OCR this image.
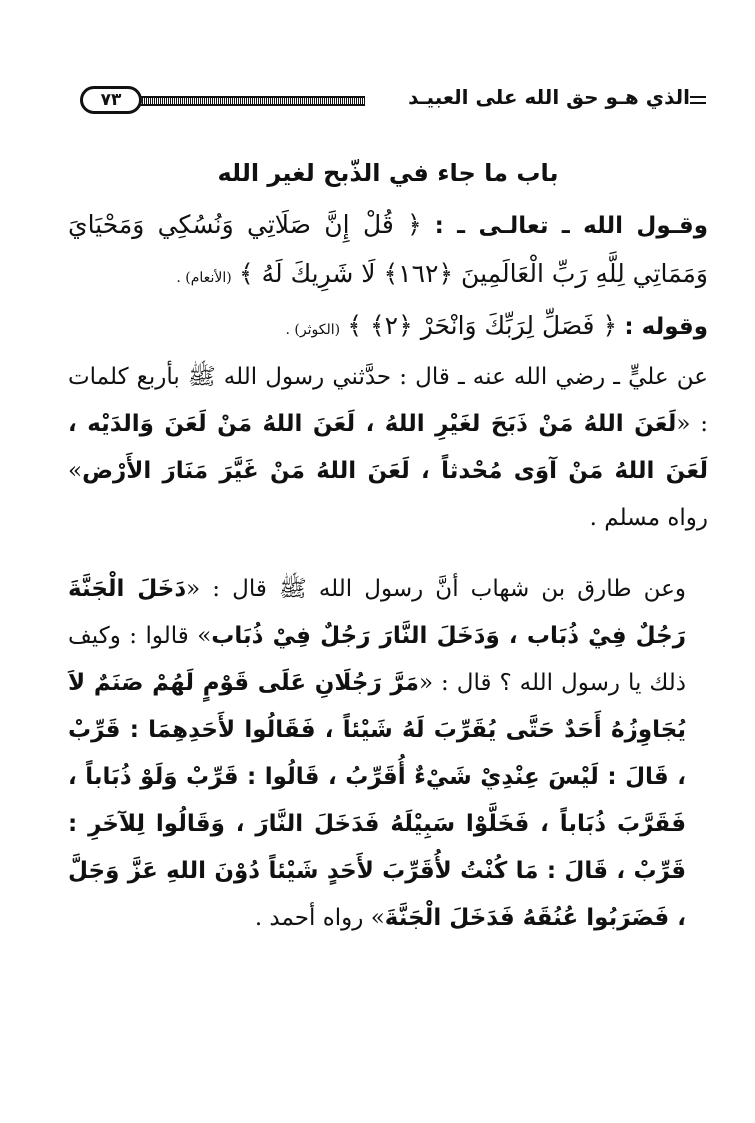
الذي هـو حق الله على العبيـد
٧٣
باب ما جاء في الذّبح لغير الله

وقـول الله ـ تعالـى ـ : ﴿ قُلْ إِنَّ صَلَاتِي وَنُسُكِي وَمَحْيَايَ وَمَمَاتِي لِلَّهِ رَبِّ الْعَالَمِينَ ﴿١٦٢﴾ لَا شَرِيكَ لَهُ ﴾ (الأنعام) .

وقوله : ﴿ فَصَلِّ لِرَبِّكَ وَانْحَرْ ﴿٢﴾ ﴾ (الكوثر) .

عن عليٍّ ـ رضي الله عنه ـ قال : حدَّثني رسول الله ﷺ بأربع كلمات : «لَعَنَ اللهُ مَنْ ذَبَحَ لغَيْرِ اللهُ ، لَعَنَ اللهُ مَنْ لَعَنَ وَالدَيْه ، لَعَنَ اللهُ مَنْ آوَى مُحْدثاً ، لَعَنَ اللهُ مَنْ غَيَّرَ مَنَارَ الأَرْض» رواه مسلم .

وعن طارق بن شهاب أنَّ رسول الله ﷺ قال : «دَخَلَ الْجَنَّةَ رَجُلٌ فِيْ ذُبَاب ، وَدَخَلَ النَّارَ رَجُلٌ فِيْ ذُبَاب» قالوا : وكيف ذلك يا رسول الله ؟ قال : «مَرَّ رَجُلَانِ عَلَى قَوْمٍ لَهُمْ صَنَمٌ لاَ يُجَاوِزُهُ أَحَدٌ حَتَّى يُقَرِّبَ لَهُ شَيْئاً ، فَقَالُوا لأَحَدِهِمَا : قَرِّبْ ، قَالَ : لَيْسَ عِنْدِيْ شَيْءٌ أُقَرِّبُ ، قَالُوا : قَرِّبْ وَلَوْ ذُبَاباً ، فَقَرَّبَ ذُبَاباً ، فَخَلَّوْا سَبِيْلَهُ فَدَخَلَ النَّارَ ، وَقَالُوا لِلآخَرِ : قَرِّبْ ، قَالَ : مَا كُنْتُ لأُقَرِّبَ لأَحَدٍ شَيْئاً دُوْنَ اللهِ عَزَّ وَجَلَّ ، فَضَرَبُوا عُنُقَهُ فَدَخَلَ الْجَنَّةَ» رواه أحمد .
